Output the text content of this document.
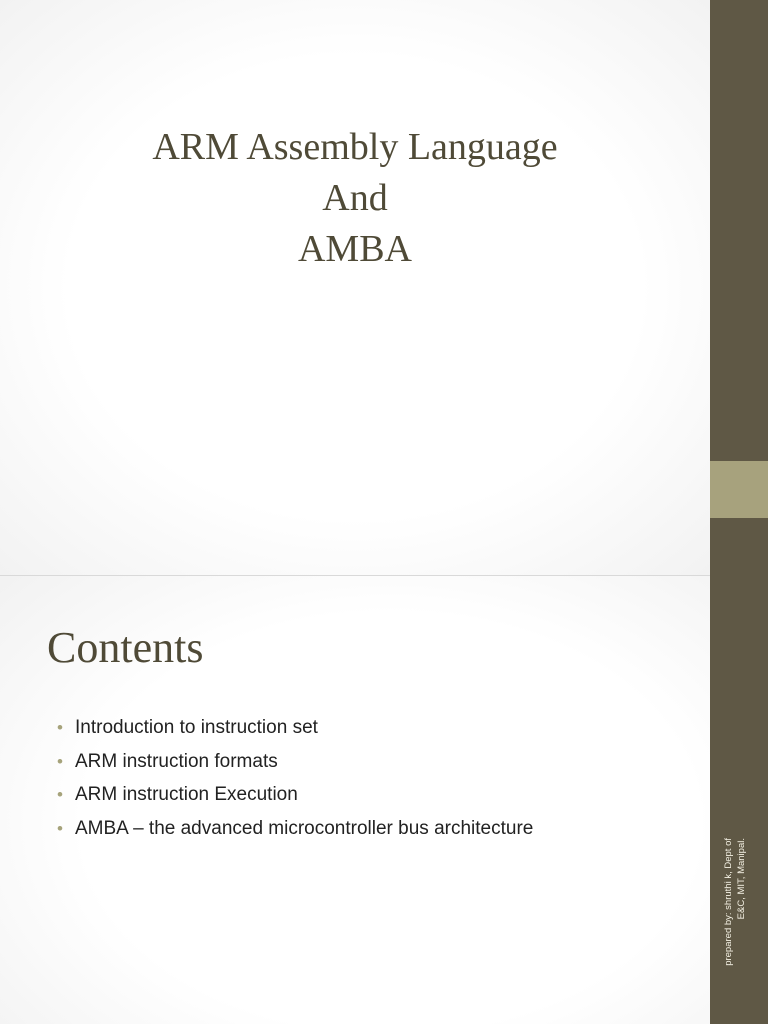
ARM Assembly Language
And
AMBA
Contents
• Introduction to instruction set
• ARM instruction formats
• ARM instruction Execution
• AMBA – the advanced microcontroller bus architecture
prepared by: shruthi k, Dept of E&C, MIT, Manipal.
